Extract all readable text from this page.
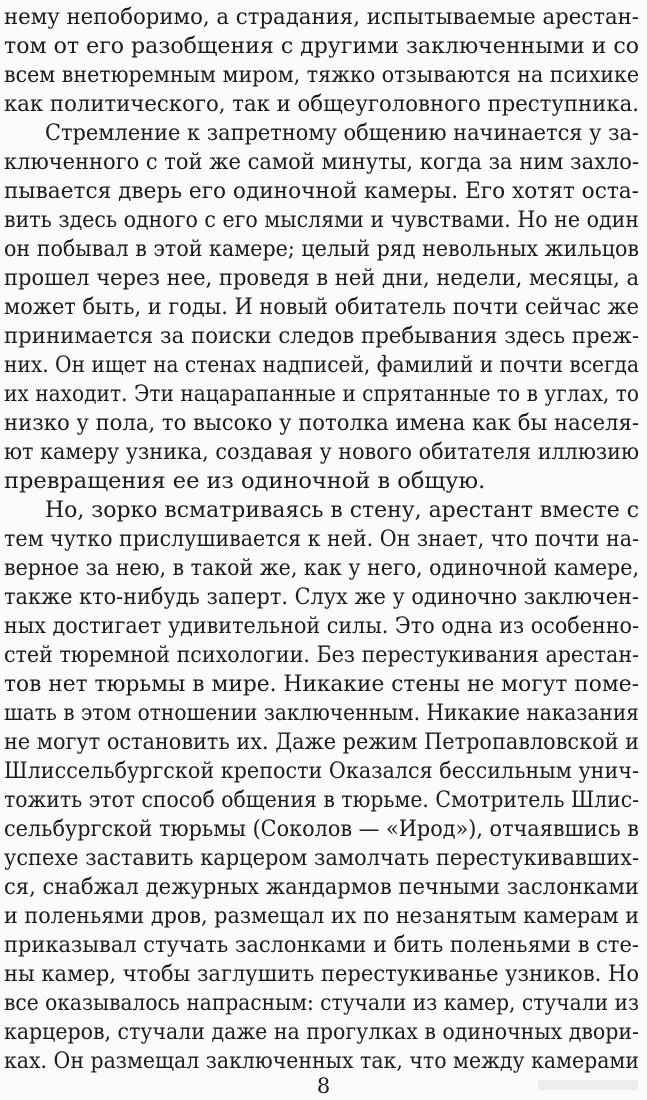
нему непоборимо, а страдания, испытываемые арестан-
том от его разобщения с другими заключенными и со
всем внетюремным миром, тяжко отзываются на психике
как политического, так и общеуголовного преступника.
Стремление к запретному общению начинается у за-
ключенного с той же самой минуты, когда за ним захло-
пывается дверь его одиночной камеры. Его хотят оста-
вить здесь одного с его мыслями и чувствами. Но не один
он побывал в этой камере; целый ряд невольных жильцов
прошел через нее, проведя в ней дни, недели, месяцы, а
может быть, и годы. И новый обитатель почти сейчас же
принимается за поиски следов пребывания здесь преж-
них. Он ищет на стенах надписей, фамилий и почти всегда
их находит. Эти нацарапанные и спрятанные то в углах, то
низко у пола, то высоко у потолка имена как бы населя-
ют камеру узника, создавая у нового обитателя иллюзию
превращения ее из одиночной в общую.
Но, зорко всматриваясь в стену, арестант вместе с
тем чутко прислушивается к ней. Он знает, что почти на-
верное за нею, в такой же, как у него, одиночной камере,
также кто-нибудь заперт. Слух же у одиночно заключен-
ных достигает удивительной силы. Это одна из особенно-
стей тюремной психологии. Без перестукивания арестан-
тов нет тюрьмы в мире. Никакие стены не могут поме-
шать в этом отношении заключенным. Никакие наказания
не могут остановить их. Даже режим Петропавловской и
Шлиссельбургской крепости Оказался бессильным унич-
тожить этот способ общения в тюрьме. Смотритель Шлис-
сельбургской тюрьмы (Соколов — «Ирод»), отчаявшись в
успехе заставить карцером замолчать перестукивавших-
ся, снабжал дежурных жандармов печными заслонками
и поленьями дров, размещал их по незанятым камерам и
приказывал стучать заслонками и бить поленьями в сте-
ны камер, чтобы заглушить перестукиванье узников. Но
все оказывалось напрасным: стучали из камер, стучали из
карцеров, стучали даже на прогулках в одиночных двори-
ках. Он размещал заключенных так, что между камерами
8
